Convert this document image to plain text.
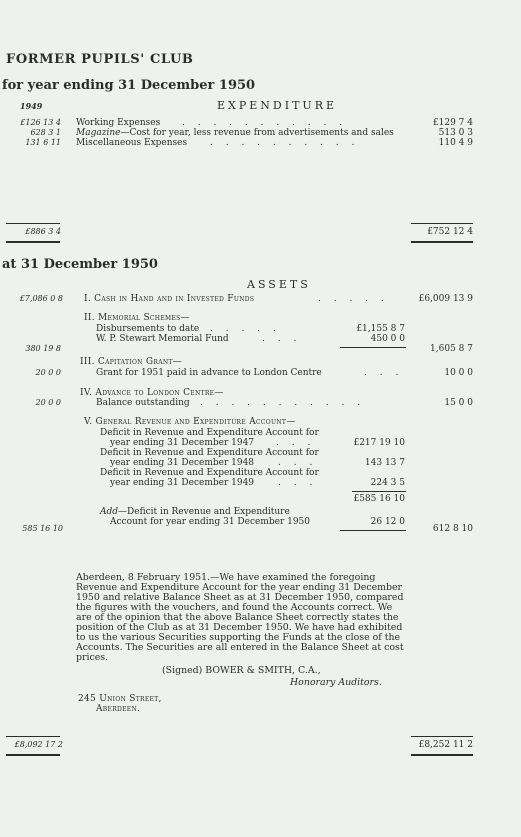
FORMER PUPILS' CLUB
for year ending 31 December 1950
1949	EXPENDITURE
£126 13 4 Working Expenses . . . . . . . . . . .	£129 7 4
628 3 1 Magazine—Cost for year, less revenue from advertisements and sales	513 0 3
131 6 11 Miscellaneous Expenses	. . . . . . . . . .	110 4 9
£886 3 4	£752 12 4
at 31 December 1950
ASSETS
£7,086 0 8 I. Cash in Hand and in Invested Funds	. . . . .	£6,009 13 9
II. Memorial Schemes—
Disbursements to date . . . . .	£1,155 8 7
W. P. Stewart Memorial Fund	. . .	450 0 0
380 19 8	1,605 8 7
III. Capitation Grant—
20 0 0	Grant for 1951 paid in advance to London Centre	. . .	10 0 0
IV. Advance to London Centre—
20 0 0	Balance outstanding . . . . . . . . . . .	15 0 0
V. General Revenue and Expenditure Account—
Deficit in Revenue and Expenditure Account for
year ending 31 December 1947 . . .	£217 19 10
Deficit in Revenue and Expenditure Account for
year ending 31 December 1948	. . .	143 13 7
Deficit in Revenue and Expenditure Account for
year ending 31 December 1949	. . .	224 3 5
£585 16 10
Add—Deficit in Revenue and Expenditure
Account for year ending 31 December 1950	26 12 0
585 16 10	612 8 10
Aberdeen, 8 February 1951.—We have examined the foregoing
Revenue and Expenditure Account for the year ending 31 December
1950 and relative Balance Sheet as at 31 December 1950, compared
the figures with the vouchers, and found the Accounts correct. We
are of the opinion that the above Balance Sheet correctly states the
position of the Club as at 31 December 1950. We have had exhibited
to us the various Securities supporting the Funds at the close of the
Accounts. The Securities are all entered in the Balance Sheet at cost
prices.
(Signed) BOWER & SMITH, C.A.,
Honorary Auditors.
245 Union Street,
Aberdeen.
£8,092 17 2	£8,252 11 2
